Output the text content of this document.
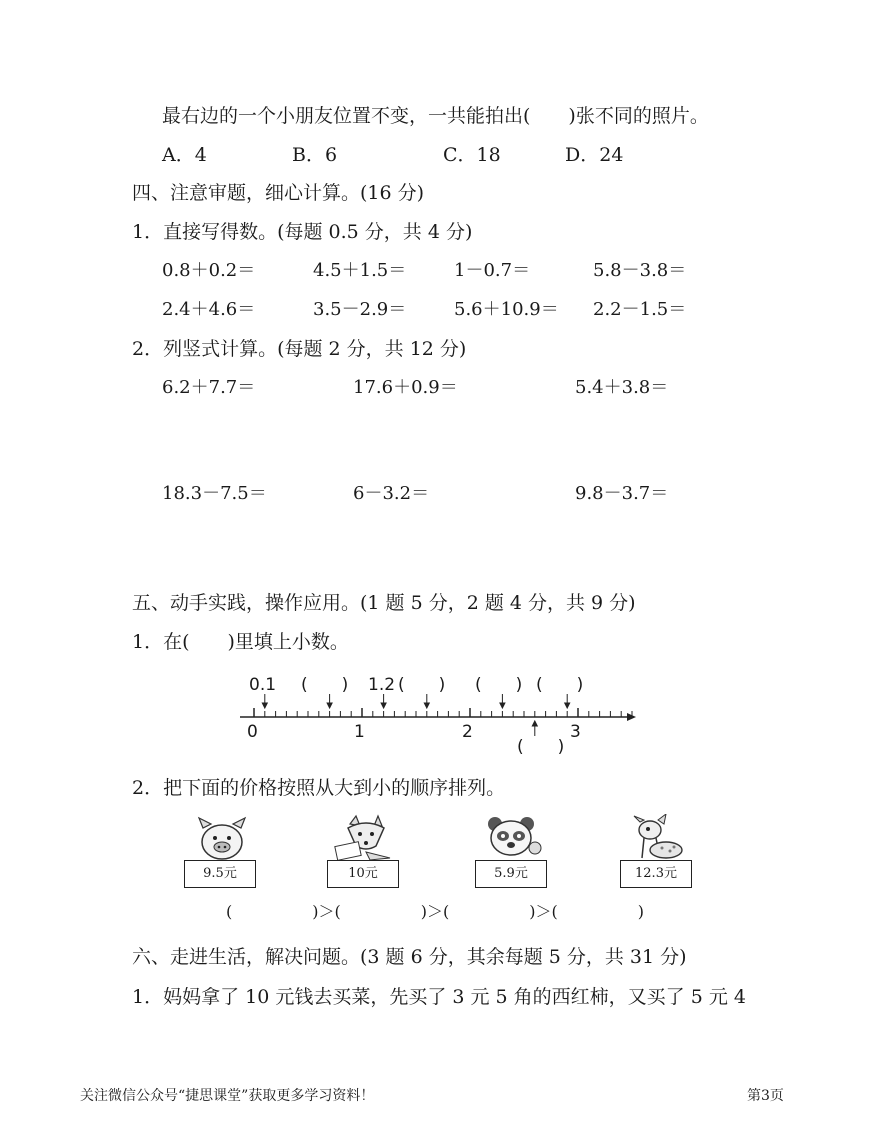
最右边的一个小朋友位置不变，一共能拍出(　　)张不同的照片。
A．4	B．6	C．18	D．24
四、注意审题，细心计算。(16 分)
1．直接写得数。(每题 0.5 分，共 4 分)
0.8＋0.2＝	4.5＋1.5＝	1－0.7＝	5.8－3.8＝
2.4＋4.6＝	3.5－2.9＝	5.6＋10.9＝ 2.2－1.5＝
2．列竖式计算。(每题 2 分，共 12 分)
6.2＋7.7＝	17.6＋0.9＝	5.4＋3.8＝
18.3－7.5＝	6－3.2＝	9.8－3.7＝
五、动手实践，操作应用。(1 题 5 分，2 题 4 分，共 9 分)
1．在(　　)里填上小数。
0.1 (　　) 1.2 (　　) (　　) (　　)
0	1	2	3
(　　)
2．把下面的价格按照从大到小的顺序排列。
9.5元	10元	5.9元	12.3元
(　　　　　)＞(　　　　　)＞(　　　　　)＞(　　　　　)
六、走进生活，解决问题。(3 题 6 分，其余每题 5 分，共 31 分)
1．妈妈拿了 10 元钱去买菜，先买了 3 元 5 角的西红柿，又买了 5 元 4
关注微信公众号“捷思课堂”获取更多学习资料！	第3页
